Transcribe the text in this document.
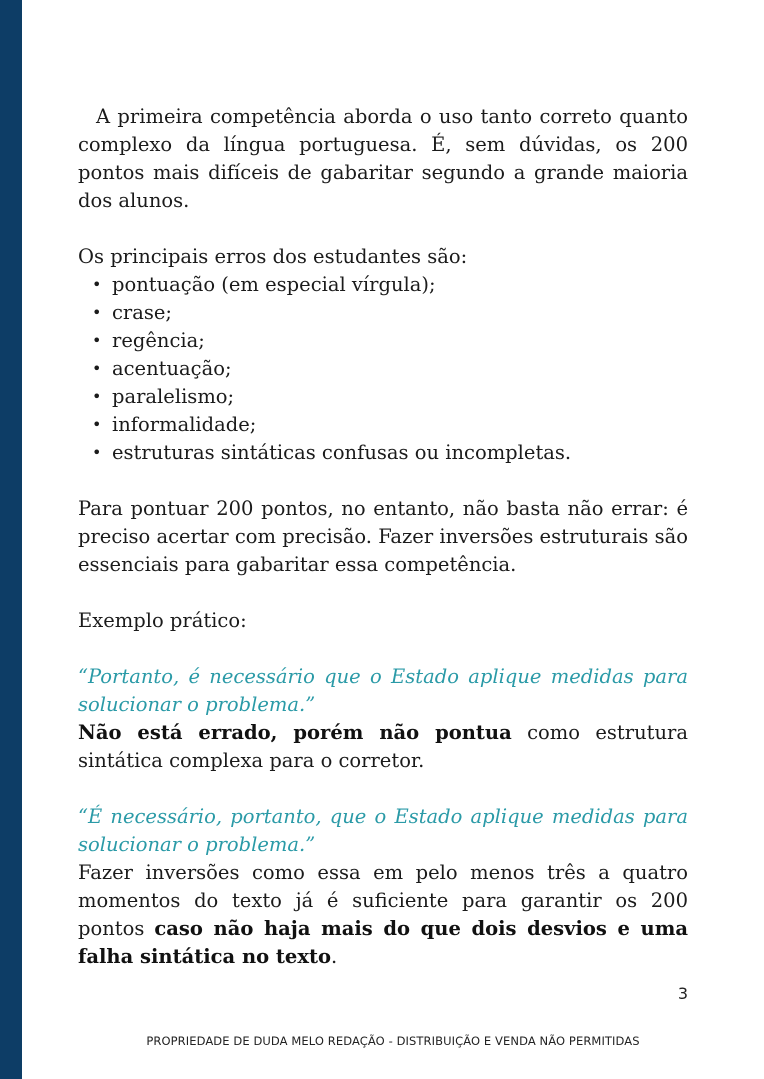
A primeira competência aborda o uso tanto correto quanto complexo da língua portuguesa. É, sem dúvidas, os 200 pontos mais difíceis de gabaritar segundo a grande maioria dos alunos.

Os principais erros dos estudantes são:

• pontuação (em especial vírgula);
• crase;
• regência;
• acentuação;
• paralelismo;
• informalidade;
• estruturas sintáticas confusas ou incompletas.

Para pontuar 200 pontos, no entanto, não basta não errar: é preciso acertar com precisão. Fazer inversões estruturais são essenciais para gabaritar essa competência.

Exemplo prático:

“Portanto, é necessário que o Estado aplique medidas para solucionar o problema.”

Não está errado, porém não pontua como estrutura sintática complexa para o corretor.

“É necessário, portanto, que o Estado aplique medidas para solucionar o problema.”

Fazer inversões como essa em pelo menos três a quatro momentos do texto já é suficiente para garantir os 200 pontos caso não haja mais do que dois desvios e uma falha sintática no texto.

3
PROPRIEDADE DE DUDA MELO REDAÇÃO - DISTRIBUIÇÃO E VENDA NÃO PERMITIDAS
